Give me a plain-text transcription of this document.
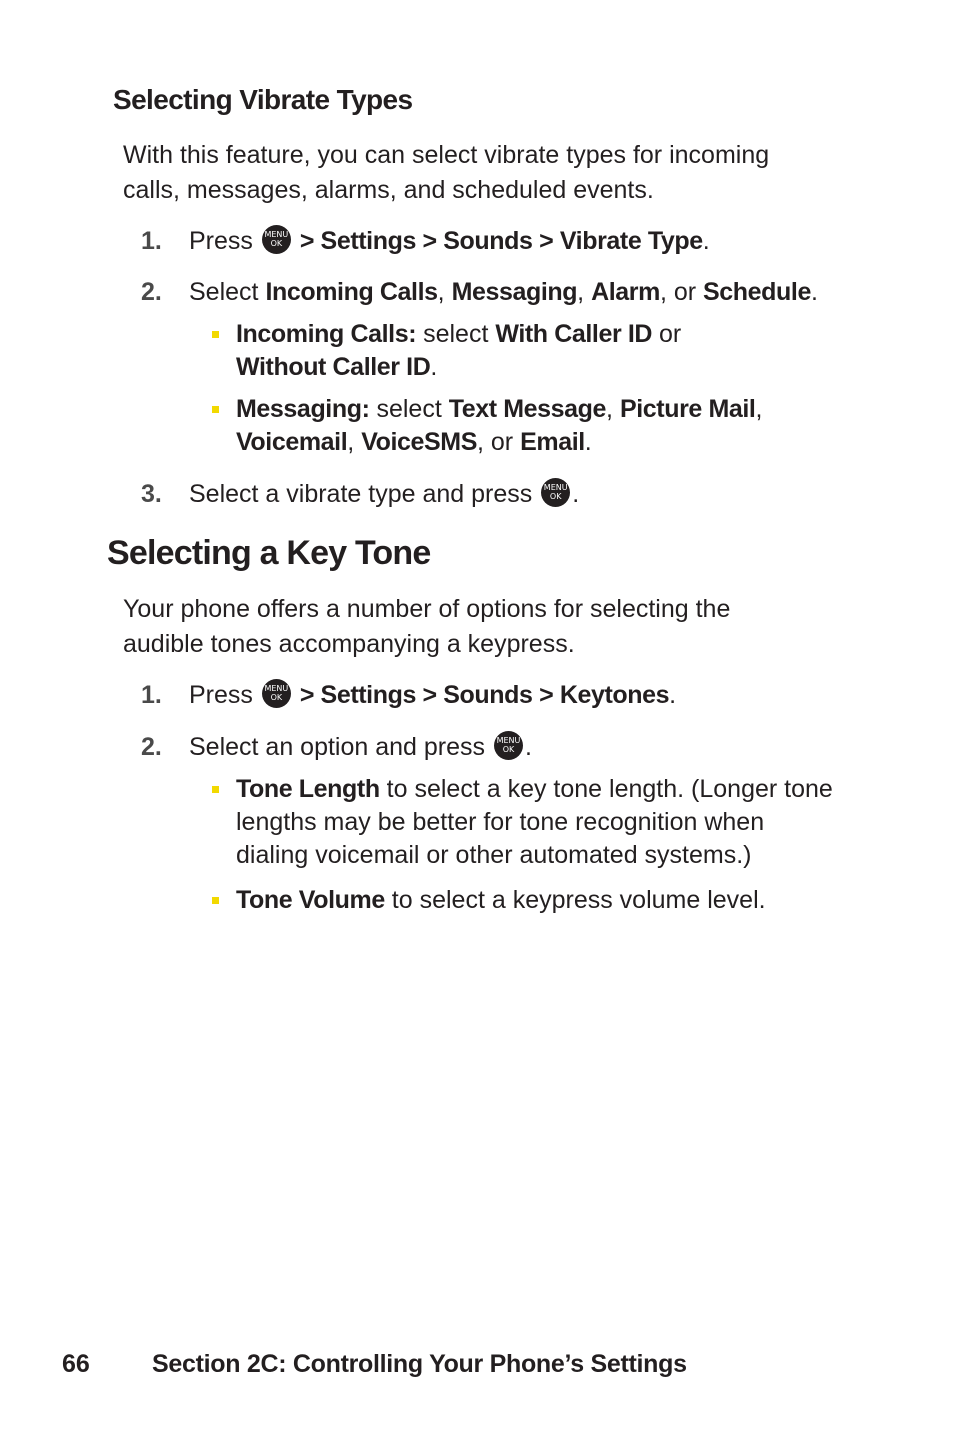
Selecting Vibrate Types

With this feature, you can select vibrate types for incoming
calls, messages, alarms, and scheduled events.

1. Press	MENU
OK > Settings > Sounds > Vibrate Type.
2. Select Incoming Calls, Messaging, Alarm, or Schedule.
Incoming Calls: select With Caller ID or
Without Caller ID.
Messaging: select Text Message, Picture Mail,
Voicemail, VoiceSMS, or Email.
3. Select a vibrate type and press	MENU
OK .
Selecting a Key Tone

Your phone offers a number of options for selecting the
audible tones accompanying a keypress.

1. Press	MENU
OK > Settings > Sounds > Keytones.
2. Select an option and press	MENU
OK .
Tone Length to select a key tone length. (Longer tone
lengths may be better for tone recognition when
dialing voicemail or other automated systems.)
Tone Volume to select a keypress volume level.
66 Section 2C: Controlling Your Phone’s Settings
